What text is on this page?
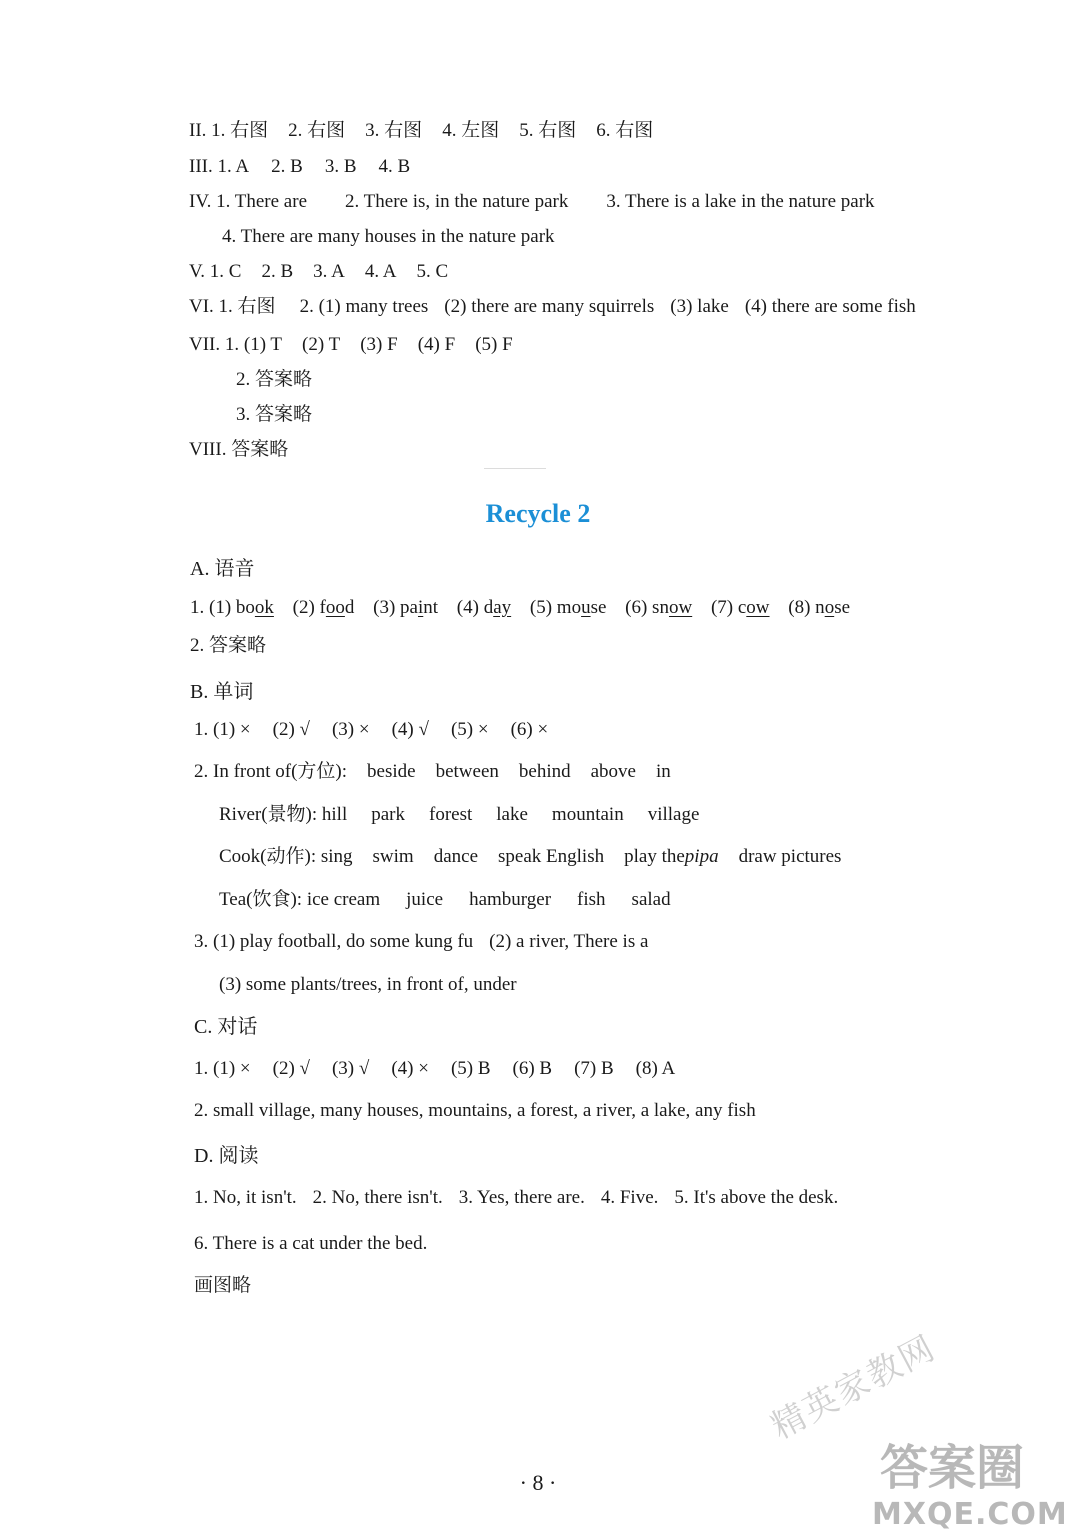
II. 1. 右图 2. 右图 3. 右图 4. 左图 5. 右图 6. 右图
III. 1. A 2. B 3. B 4. B
IV. 1. There are 2. There is, in the nature park 3. There is a lake in the nature park
4. There are many houses in the nature park
V. 1. C 2. B 3. A 4. A 5. C
VI. 1. 右图 2. (1) many trees (2) there are many squirrels (3) lake (4) there are some fish
VII. 1. (1) T (2) T (3) F (4) F (5) F
2. 答案略
3. 答案略
VIII. 答案略
Recycle 2
A. 语音
1. (1) book (2) food (3) paint (4) day (5) mouse (6) snow (7) cow (8) nose
2. 答案略
B. 单词
1. (1) × (2) √ (3) × (4) √ (5) × (6) ×
2. In front of(方位): beside between behind above in
River(景物): hill park forest lake mountain village
Cook(动作): sing swim dance speak English play thepipa draw pictures
Tea(饮食): ice cream juice hamburger fish salad
3. (1) play football, do some kung fu (2) a river, There is a
(3) some plants/trees, in front of, under
C. 对话
1. (1) × (2) √ (3) √ (4) × (5) B (6) B (7) B (8) A
2. small village, many houses, mountains, a forest, a river, a lake, any fish
D. 阅读
1. No, it isn't. 2. No, there isn't. 3. Yes, there are. 4. Five. 5. It's above the desk.
6. There is a cat under the bed.
画图略
· 8 ·
精英家教网
答案圈
MXQE.COM
